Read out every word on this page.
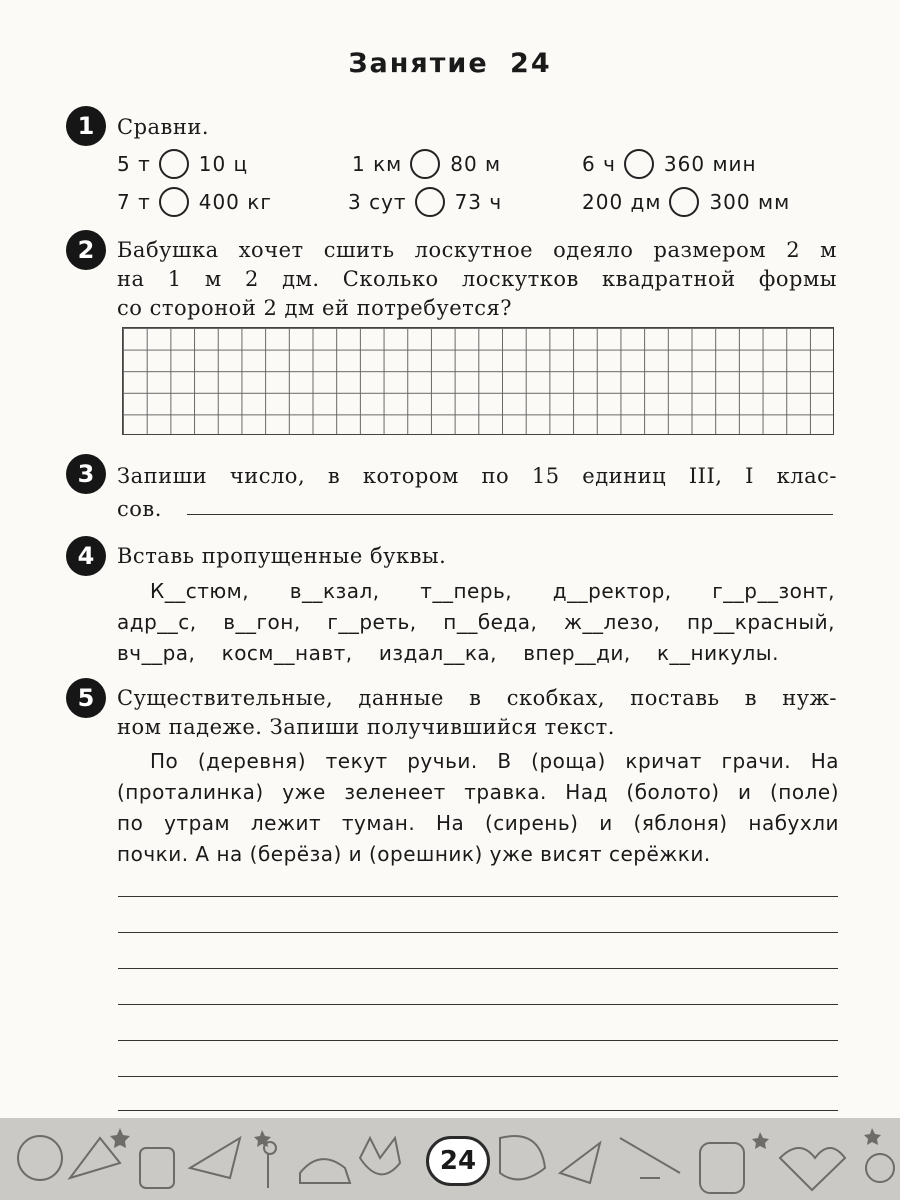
Занятие 24
1	Сравни.
5 т 10 ц	1 км 80 м	6 ч 360 мин
7 т 400 кг	3 сут 73 ч	200 дм 300 мм
2	Бабушка хочет сшить лоскутное одеяло размером 2 м
на 1 м 2 дм. Сколько лоскутков квадратной формы
со стороной 2 дм ей потребуется?
3	Запиши число, в котором по 15 единиц III, I клас-
сов.
4	Вставь пропущенные буквы.
К__стюм, в__кзал, т__перь, д__ректор, г__р__зонт,
адр__с, в__гон, г__реть, п__беда, ж__лезо, пр__красный,
вч__ра, косм__навт, издал__ка, впер__ди, к__никулы.
5	Существительные, данные в скобках, поставь в нуж-
ном падеже. Запиши получившийся текст.
По (деревня) текут ручьи. В (роща) кричат грачи. На
(проталинка) уже зеленеет травка. Над (болото) и (поле)
по утрам лежит туман. На (сирень) и (яблоня) набухли
почки. А на (берёза) и (орешник) уже висят серёжки.
24
